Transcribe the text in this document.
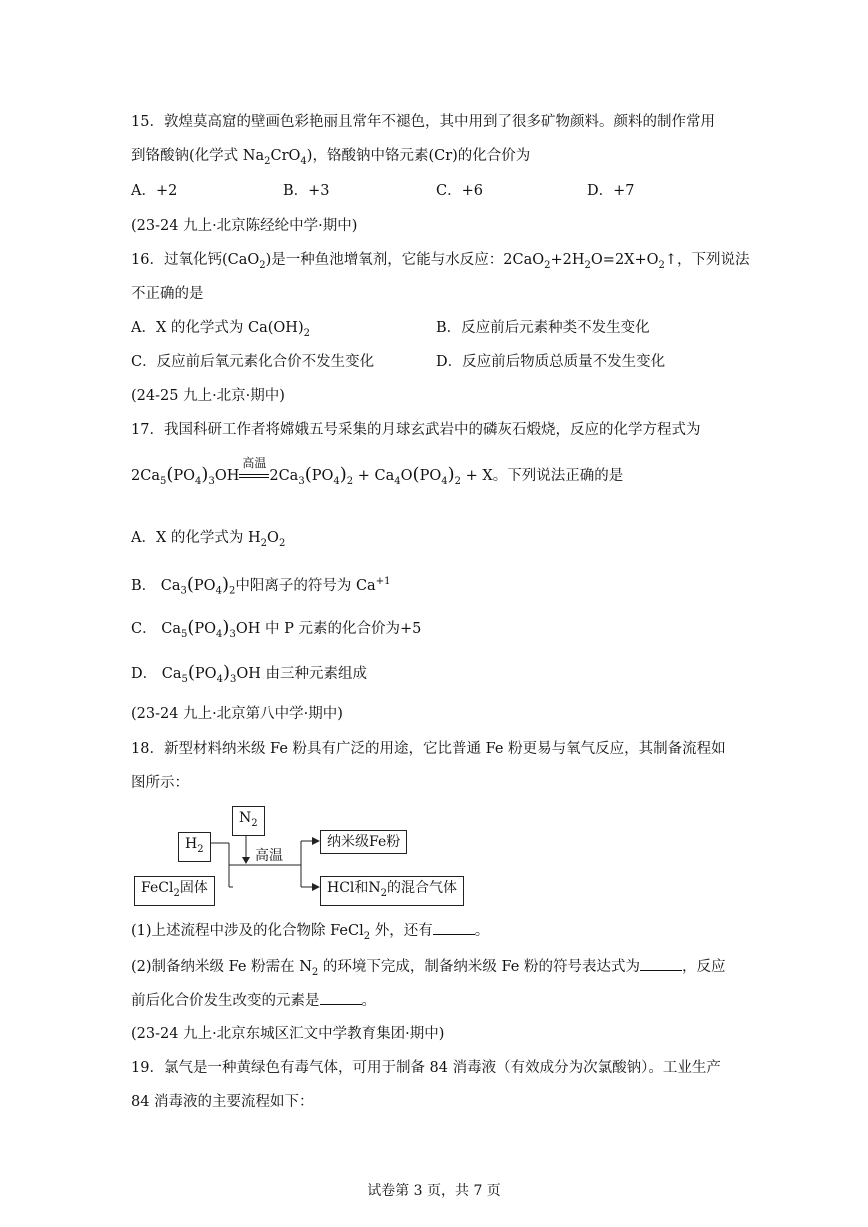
15．敦煌莫高窟的壁画色彩艳丽且常年不褪色，其中用到了很多矿物颜料。颜料的制作常用
到铬酸钠(化学式 $Na_2CrO_4$)，铬酸钠中铬元素(Cr)的化合价为
A．+2	B．+3	C．+6	D．+7
(23-24 九上·北京陈经纶中学·期中)
16．过氧化钙(CaO$_2$)是一种鱼池增氧剂，它能与水反应：$2CaO_2+2H_2O=2X+O_2↑$，下列说法
不正确的是
A．X 的化学式为 $Ca(OH)_2$	B．反应前后元素种类不发生变化
C．反应前后氧元素化合价不发生变化	D．反应前后物质总质量不发生变化
(24-25 九上·北京·期中)
17．我国科研工作者将嫦娥五号采集的月球玄武岩中的磷灰石煅烧，反应的化学方程式为
$2Ca_5(PO_4)_3OH$
高温
$2Ca_3(PO_4)_2 + Ca_4O(PO_4)_2 + X$。下列说法正确的是
A．X 的化学式为 $H_2O_2$
B． $Ca_3(PO_4)_2$中阳离子的符号为 $Ca^{+1}$
C． $Ca_5(PO_4)_3OH$ 中 P 元素的化合价为+5
D． $Ca_5(PO_4)_3OH$ 由三种元素组成
(23-24 九上·北京第八中学·期中)
18．新型材料纳米级 Fe 粉具有广泛的用途，它比普通 Fe 粉更易与氧气反应，其制备流程如
图所示：
$N_2$
$H_2$	高温
FeCl$_2$固体
纳米级Fe粉
HCl和$N_2$的混合气体
(1)上述流程中涉及的化合物除 FeCl$_2$ 外，还有	。
(2)制备纳米级 Fe 粉需在 $N_2$ 的环境下完成，制备纳米级 Fe 粉的符号表达式为	，反应
前后化合价发生改变的元素是	。
(23-24 九上·北京东城区汇文中学教育集团·期中)
19．氯气是一种黄绿色有毒气体，可用于制备 84 消毒液（有效成分为次氯酸钠）。工业生产
84 消毒液的主要流程如下：
试卷第 3 页，共 7 页
